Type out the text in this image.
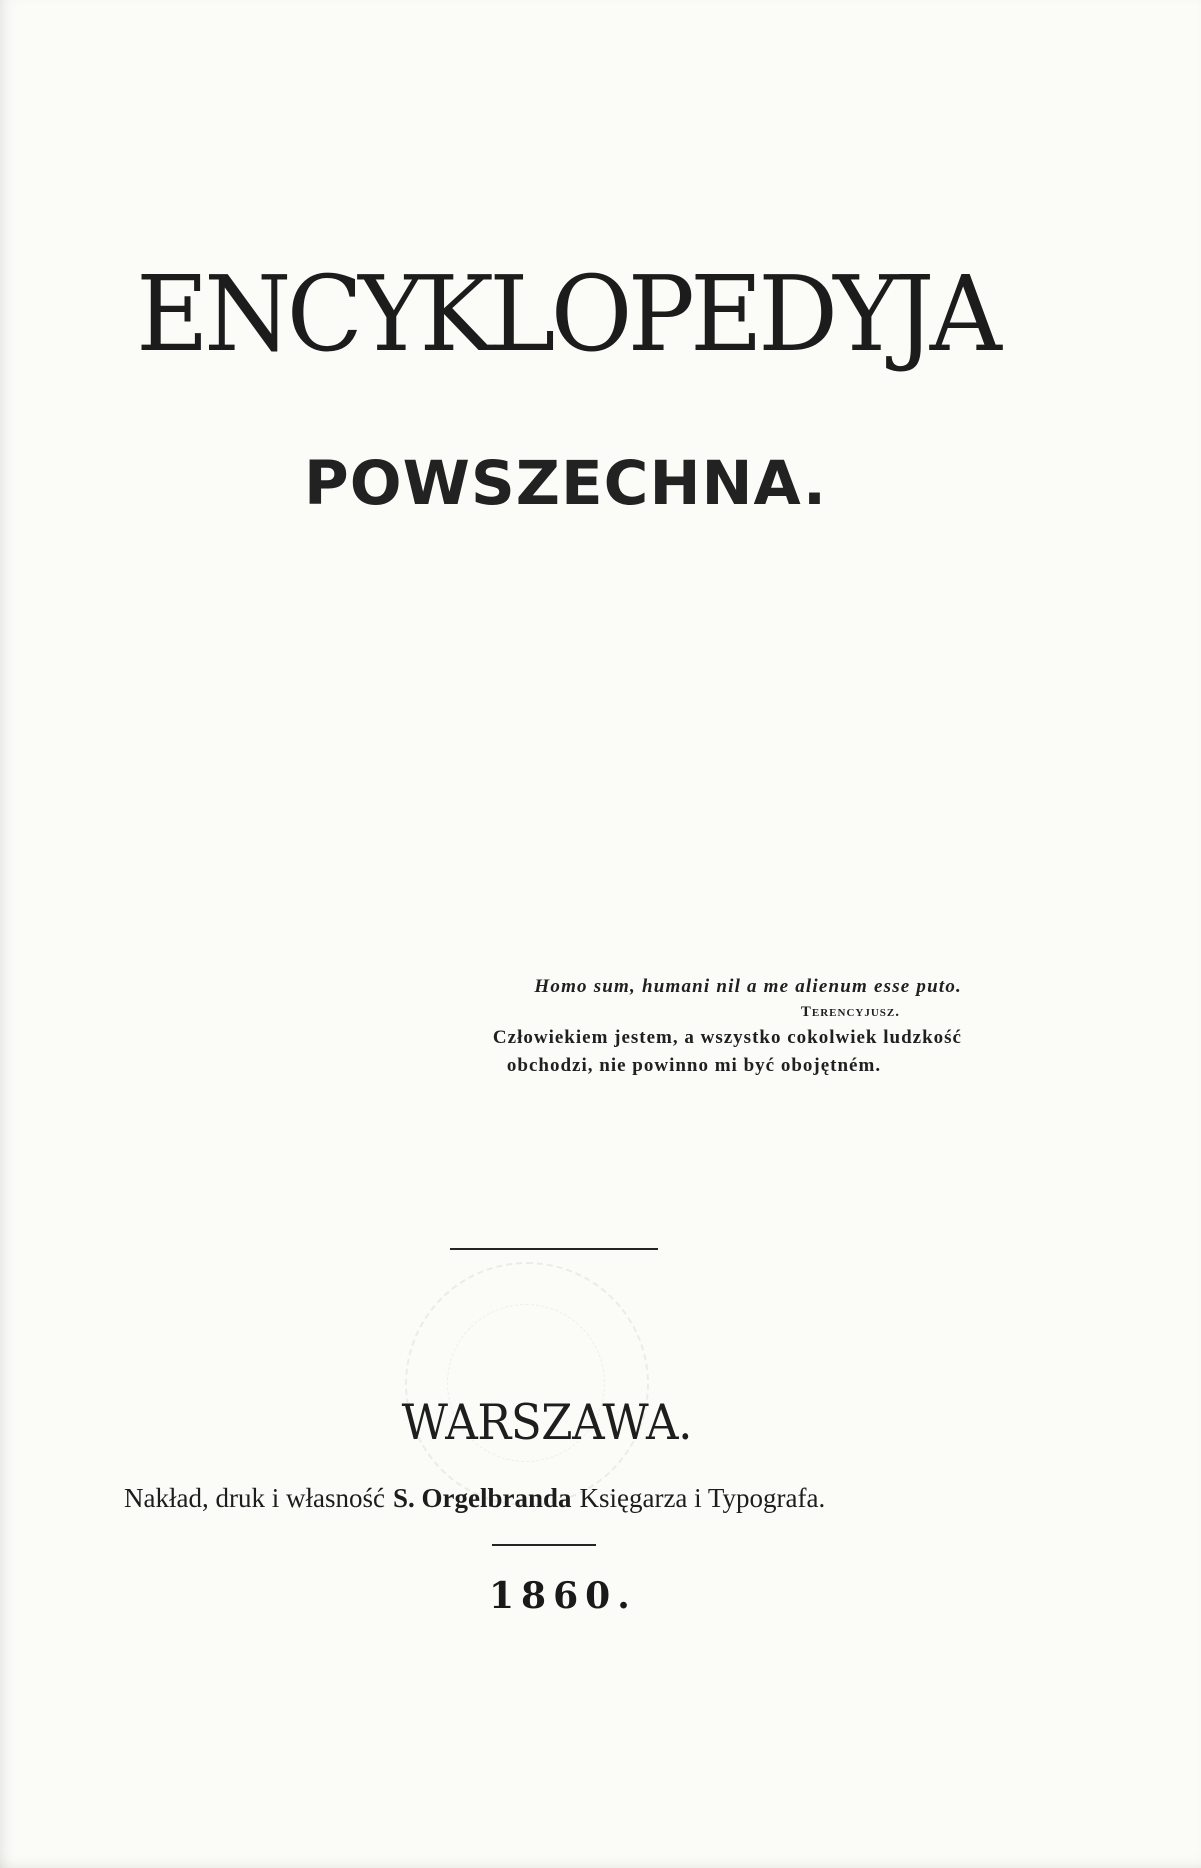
ENCYKLOPEDYJA
POWSZECHNA.
Homo sum, humani nil a me alienum esse puto.
Terencyjusz.
Człowiekiem jestem, a wszystko cokolwiek ludzkość
obchodzi, nie powinno mi być obojętném.
WARSZAWA.
Nakład, druk i własność S. Orgelbranda Księgarza i Typografa.
1860.
